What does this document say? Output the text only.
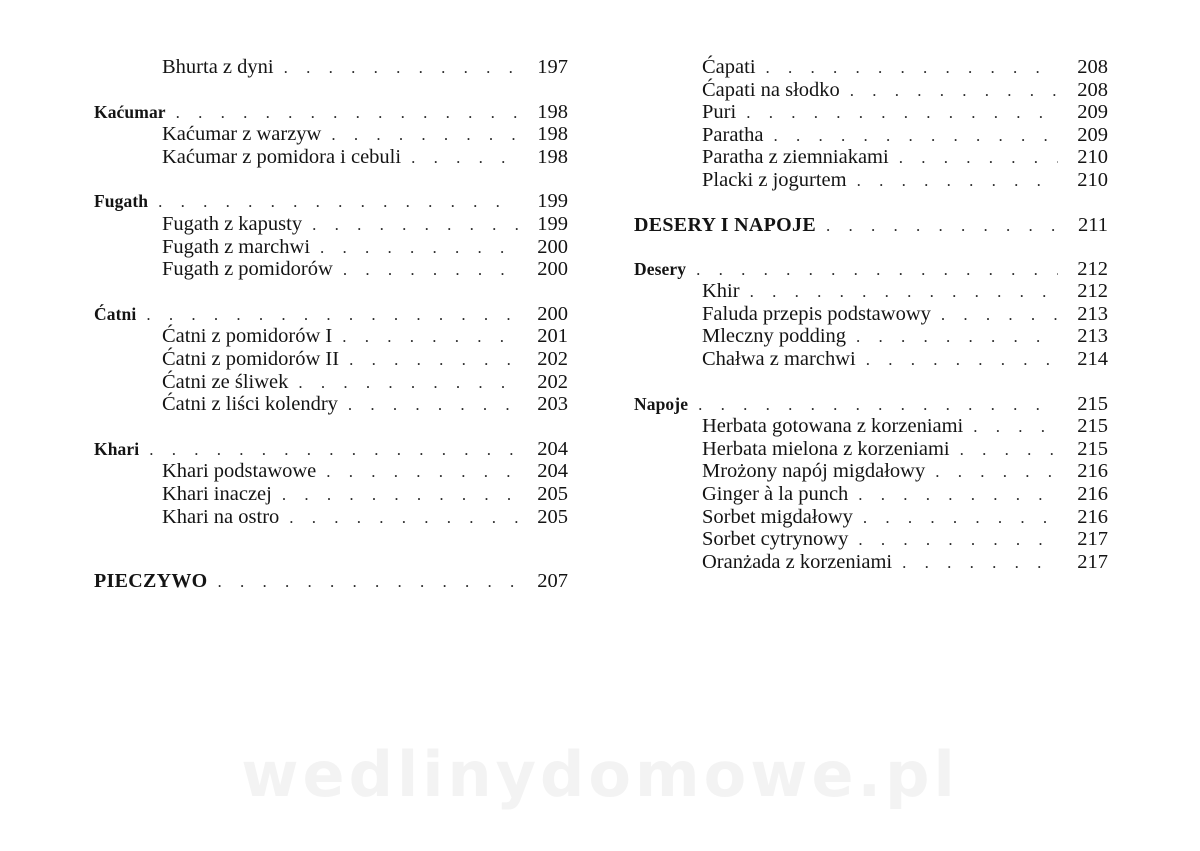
Bhurta z dyni . . .	197
Kaćumar . . .	198
Kaćumar z warzyw . . .	198
Kaćumar z pomidora i cebuli . . .	198
Fugath . . .	199
Fugath z kapusty . . .	199
Fugath z marchwi . . .	200
Fugath z pomidorów . . .	200
Ćatni . . .	200
Ćatni z pomidorów I . . .	201
Ćatni z pomidorów II . . .	202
Ćatni ze śliwek . . .	202
Ćatni z liści kolendry . . .	203
Khari . . .	204
Khari podstawowe . . .	204
Khari inaczej . . .	205
Khari na ostro . . .	205
PIECZYWO . . .	207
Ćapati . . .	208
Ćapati na słodko . . .	208
Puri . . .	209
Paratha . . .	209
Paratha z ziemniakami . . .	210
Placki z jogurtem . . .	210
DESERY I NAPOJE . . .	211
Desery . . .	212
Khir . . .	212
Faluda przepis podstawowy . . .	213
Mleczny podding . . .	213
Chałwa z marchwi . . .	214
Napoje . . .	215
Herbata gotowana z korzeniami . . .	215
Herbata mielona z korzeniami . . .	215
Mrożony napój migdałowy . . .	216
Ginger à la punch . . .	216
Sorbet migdałowy . . .	216
Sorbet cytrynowy . . .	217
Oranżada z korzeniami . . .	217
wedlinydomowe.pl
